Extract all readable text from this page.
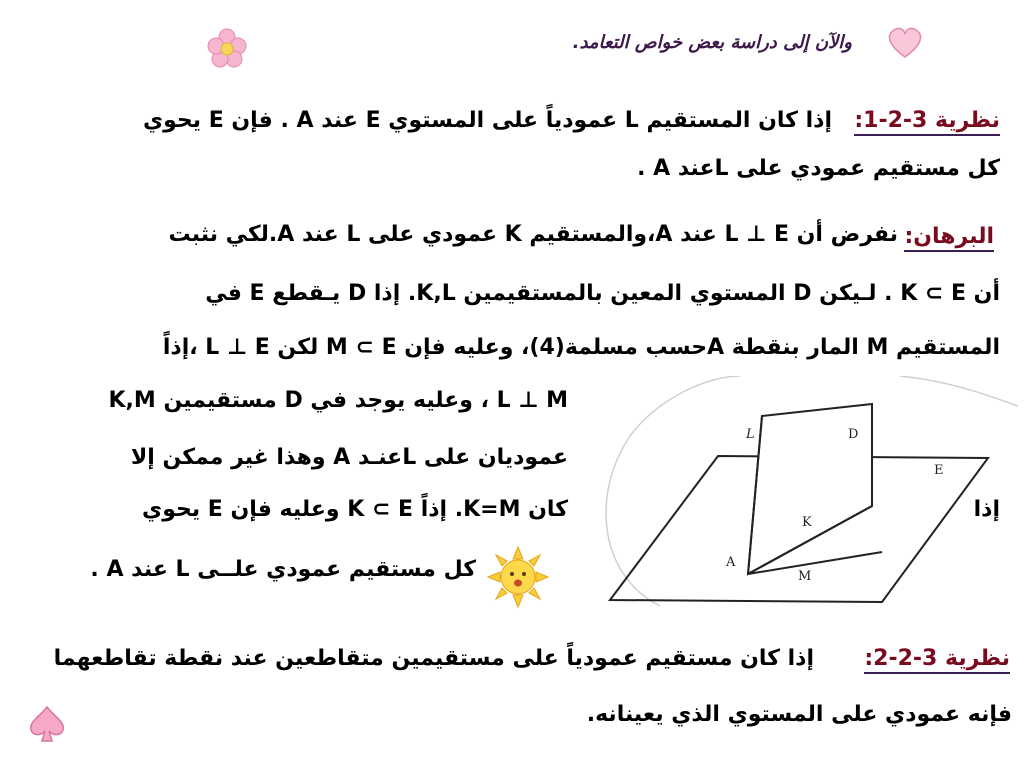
والآن إلى دراسة بعض خواص التعامد.
نظرية 3-2-1:
إذا كان المستقيم L عمودياً على المستوي E عند A . فإن E يحوي
كل مستقيم عمودي على Lعند A .
البرهان:
نفرض أن L ⊥ E عند A،والمستقيم K عمودي على L عند A.لكي نثبت
أن K ⊂ E . لـيكن D المستوي المعين بالمستقيمين K,L. إذا D يـقطع E في
المستقيم M المار بنقطة Aحسب مسلمة(4)، وعليه فإن M ⊂ E لكن L ⊥ E ،إذاً
K,M مستقيمين D وعليه يوجد في ، L ⊥ M
عموديان على Lعنـد A وهذا غير ممكن إلا
إذا
كان K=M. إذاً K ⊂ E وعليه فإن E يحوي
كل مستقيم عمودي علــى L عند A .
L	D
E
K
A
M
نظرية 3-2-2:
إذا كان مستقيم عمودياً على مستقيمين متقاطعين عند نقطة تقاطعهما
فإنه عمودي على المستوي الذي يعينانه.
